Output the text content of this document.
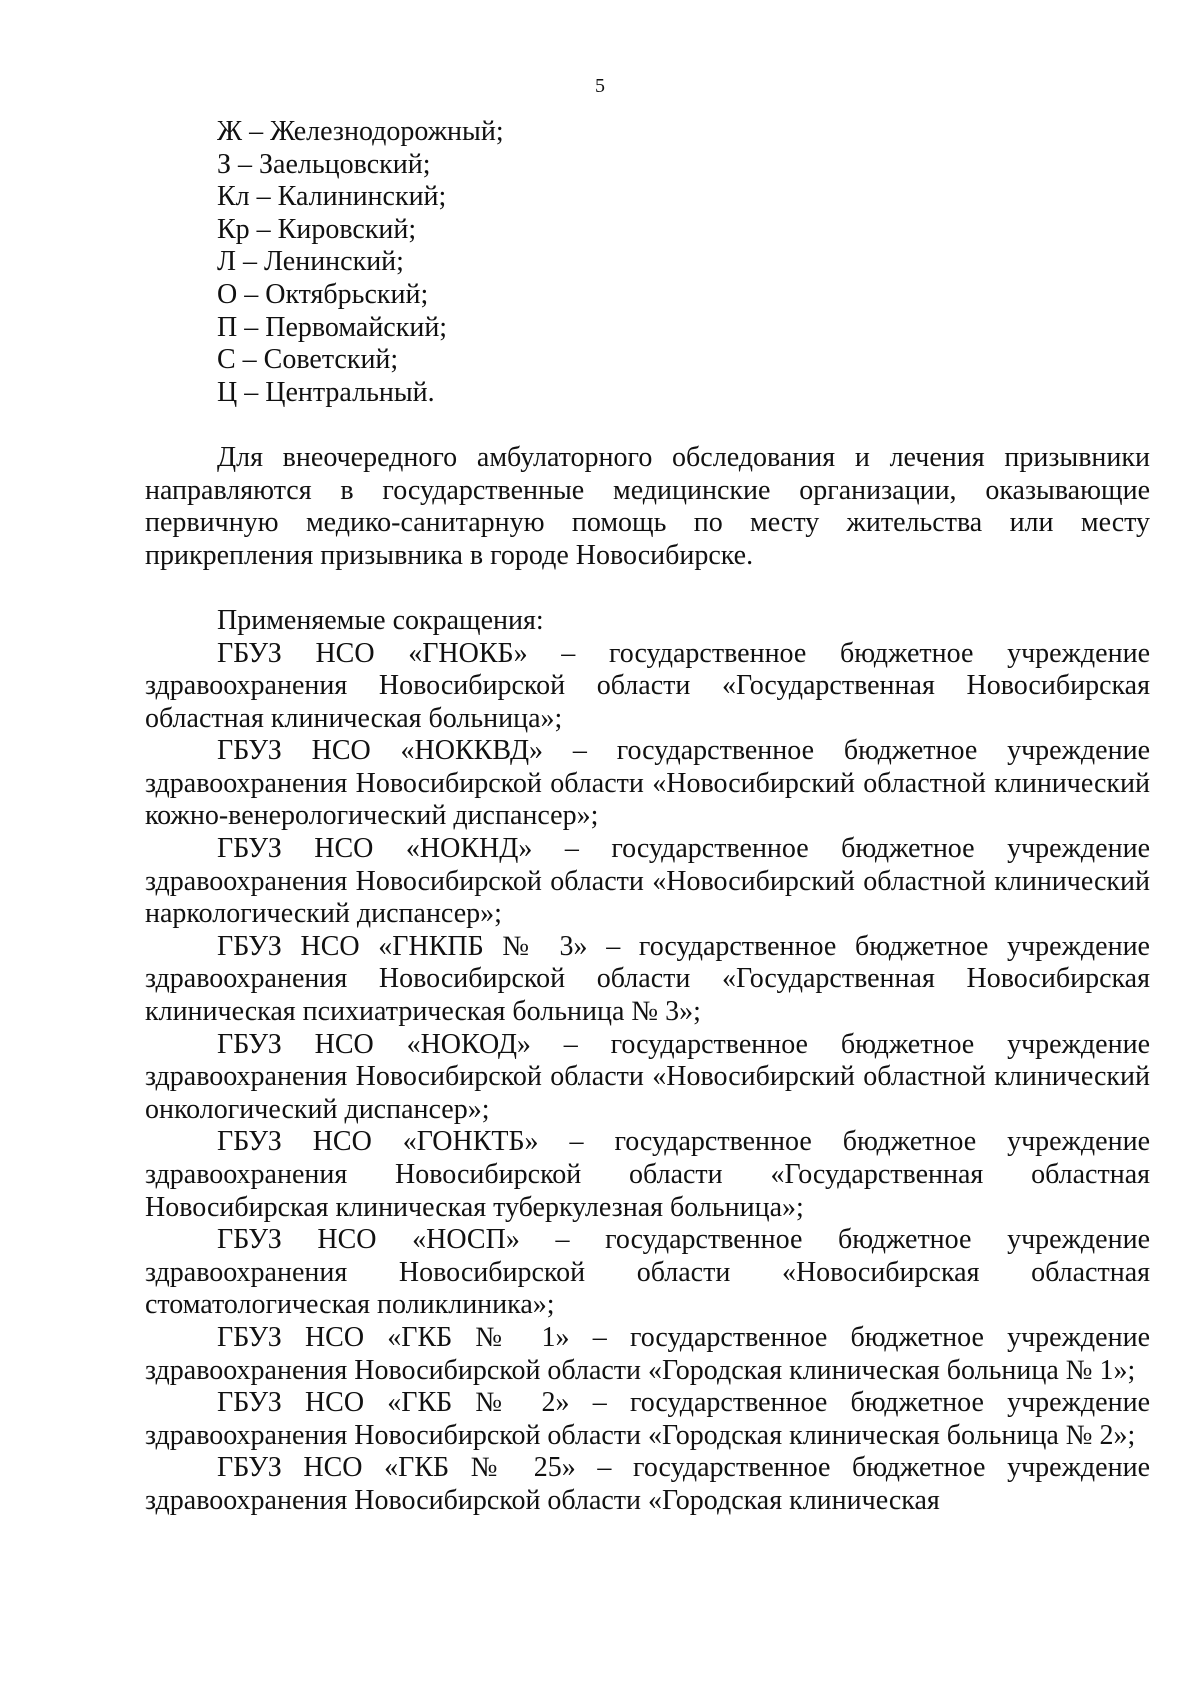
5
Ж – Железнодорожный;
З – Заельцовский;
Кл – Калининский;
Кр – Кировский;
Л – Ленинский;
О – Октябрьский;
П – Первомайский;
С – Советский;
Ц – Центральный.

Для внеочередного амбулаторного обследования и лечения призывники направляются в государственные медицинские организации, оказывающие первичную медико-санитарную помощь по месту жительства или месту прикрепления призывника в городе Новосибирске.

Применяемые сокращения:

ГБУЗ НСО «ГНОКБ» – государственное бюджетное учреждение здравоохранения Новосибирской области «Государственная Новосибирская областная клиническая больница»;

ГБУЗ НСО «НОККВД» – государственное бюджетное учреждение здравоохранения Новосибирской области «Новосибирский областной клинический кожно-венерологический диспансер»;

ГБУЗ НСО «НОКНД» – государственное бюджетное учреждение здравоохранения Новосибирской области «Новосибирский областной клинический наркологический диспансер»;

ГБУЗ НСО «ГНКПБ № 3» – государственное бюджетное учреждение здравоохранения Новосибирской области «Государственная Новосибирская клиническая психиатрическая больница № 3»;

ГБУЗ НСО «НОКОД» – государственное бюджетное учреждение здравоохранения Новосибирской области «Новосибирский областной клинический онкологический диспансер»;

ГБУЗ НСО «ГОНКТБ» – государственное бюджетное учреждение здравоохранения Новосибирской области «Государственная областная Новосибирская клиническая туберкулезная больница»;

ГБУЗ НСО «НОСП» – государственное бюджетное учреждение здравоохранения Новосибирской области «Новосибирская областная стоматологическая поликлиника»;

ГБУЗ НСО «ГКБ № 1» – государственное бюджетное учреждение здравоохранения Новосибирской области «Городская клиническая больница № 1»;

ГБУЗ НСО «ГКБ № 2» – государственное бюджетное учреждение здравоохранения Новосибирской области «Городская клиническая больница № 2»;

ГБУЗ НСО «ГКБ № 25» – государственное бюджетное учреждение здравоохранения Новосибирской области «Городская клиническая
